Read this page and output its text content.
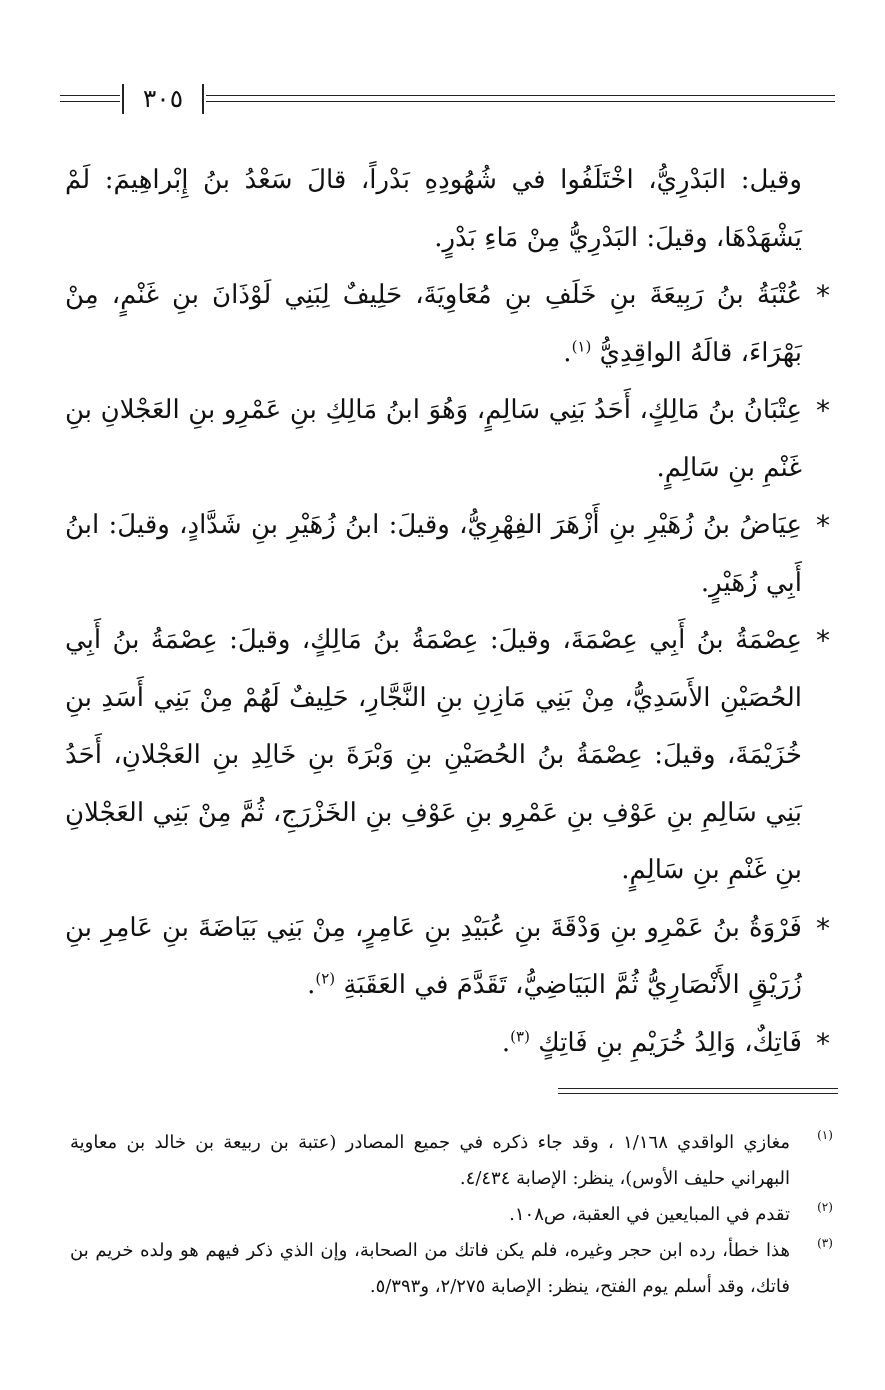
٣٠٥

وقيل: البَدْرِيُّ، اخْتَلَفُوا في شُهُودِهِ بَدْراً، قالَ سَعْدُ بنُ إِبْراهِيمَ: لَمْ يَشْهَدْهَا، وقيلَ: البَدْرِيُّ مِنْ مَاءِ بَدْرٍ.

*
عُتْبَةُ بنُ رَبِيعَةَ بنِ خَلَفِ بنِ مُعَاوِيَةَ، حَلِيفٌ لِبَنِي لَوْذَانَ بنِ غَنْمٍ، مِنْ بَهْرَاءَ، قالَهُ الواقِدِيُّ $^{(١)}$.

*
عِتْبَانُ بنُ مَالِكٍ، أَحَدُ بَنِي سَالِمٍ، وَهُوَ ابنُ مَالِكِ بنِ عَمْرِو بنِ العَجْلانِ بنِ غَنْمِ بنِ سَالِمٍ.

*
عِيَاضُ بنُ زُهَيْرِ بنِ أَزْهَرَ الفِهْرِيُّ، وقيلَ: ابنُ زُهَيْرِ بنِ شَدَّادٍ، وقيلَ: ابنُ أَبِي زُهَيْرٍ.

*
عِصْمَةُ بنُ أَبِي عِصْمَةَ، وقيلَ: عِصْمَةُ بنُ مَالِكٍ، وقيلَ: عِصْمَةُ بنُ أَبِي الحُصَيْنِ الأَسَدِيُّ، مِنْ بَنِي مَازِنِ بنِ النَّجَّارِ، حَلِيفٌ لَهُمْ مِنْ بَنِي أَسَدِ بنِ خُزَيْمَةَ، وقيلَ: عِصْمَةُ بنُ الحُصَيْنِ بنِ وَبْرَةَ بنِ خَالِدِ بنِ العَجْلانِ، أَحَدُ بَنِي سَالِمِ بنِ عَوْفِ بنِ عَمْرِو بنِ عَوْفِ بنِ الخَزْرَجِ، ثُمَّ مِنْ بَنِي العَجْلانِ بنِ غَنْمِ بنِ سَالِمٍ.

*
فَرْوَةُ بنُ عَمْرِو بنِ وَدْقَةَ بنِ عُبَيْدِ بنِ عَامِرٍ، مِنْ بَنِي بَيَاضَةَ بنِ عَامِرِ بنِ زُرَيْقٍ الأَنْصَارِيُّ ثُمَّ البَيَاضِيُّ، تَقَدَّمَ في العَقَبَةِ $^{(٢)}$.

*
فَاتِكٌ، وَالِدُ خُرَيْمِ بنِ فَاتِكٍ $^{(٣)}$.

(١)
مغازي الواقدي ١/١٦٨ ، وقد جاء ذكره في جميع المصادر (عتبة بن ربيعة بن خالد بن معاوية البهراني حليف الأوس)، ينظر: الإصابة ٤/٤٣٤.

(٢)
تقدم في المبايعين في العقبة، ص١٠٨.

(٣)
هذا خطأ، رده ابن حجر وغيره، فلم يكن فاتك من الصحابة، وإن الذي ذكر فيهم هو ولده خريم بن فاتك، وقد أسلم يوم الفتح، ينظر: الإصابة ٢/٢٧٥، و٥/٣٩٣.
